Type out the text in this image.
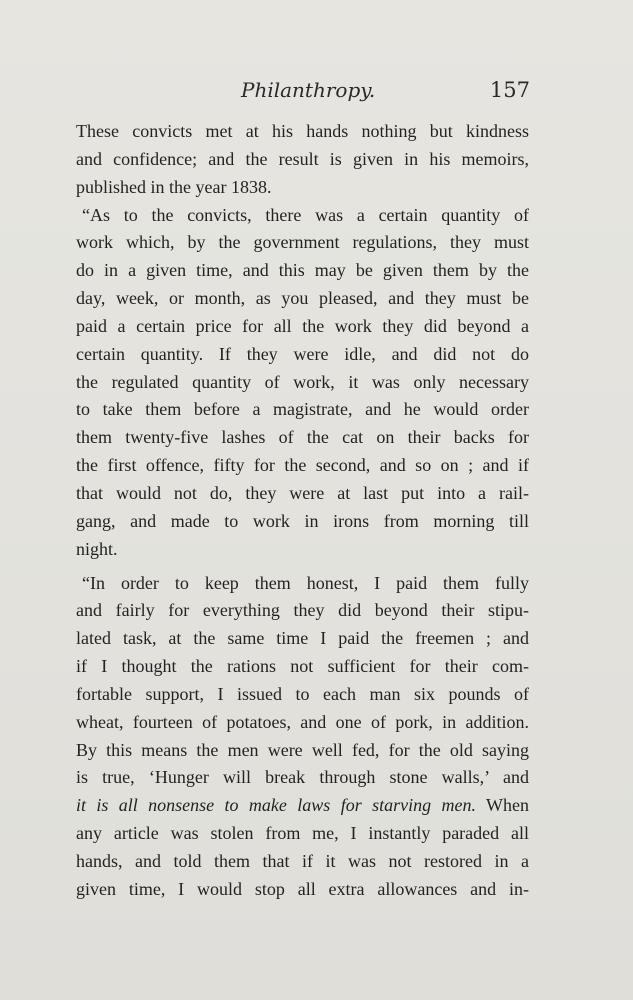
Philanthropy.	157
These convicts met at his hands nothing but kindness
and confidence; and the result is given in his memoirs,
published in the year 1838.
“As to the convicts, there was a certain quantity of
work which, by the government regulations, they must
do in a given time, and this may be given them by the
day, week, or month, as you pleased, and they must be
paid a certain price for all the work they did beyond a
certain quantity. If they were idle, and did not do
the regulated quantity of work, it was only necessary
to take them before a magistrate, and he would order
them twenty-five lashes of the cat on their backs for
the first offence, fifty for the second, and so on ; and if
that would not do, they were at last put into a rail-
gang, and made to work in irons from morning till
night.
“In order to keep them honest, I paid them fully
and fairly for everything they did beyond their stipu-
lated task, at the same time I paid the freemen ; and
if I thought the rations not sufficient for their com-
fortable support, I issued to each man six pounds of
wheat, fourteen of potatoes, and one of pork, in addition.
By this means the men were well fed, for the old saying
is true, ‘Hunger will break through stone walls,’ and
it is all nonsense to make laws for starving men. When
any article was stolen from me, I instantly paraded all
hands, and told them that if it was not restored in a
given time, I would stop all extra allowances and in-
